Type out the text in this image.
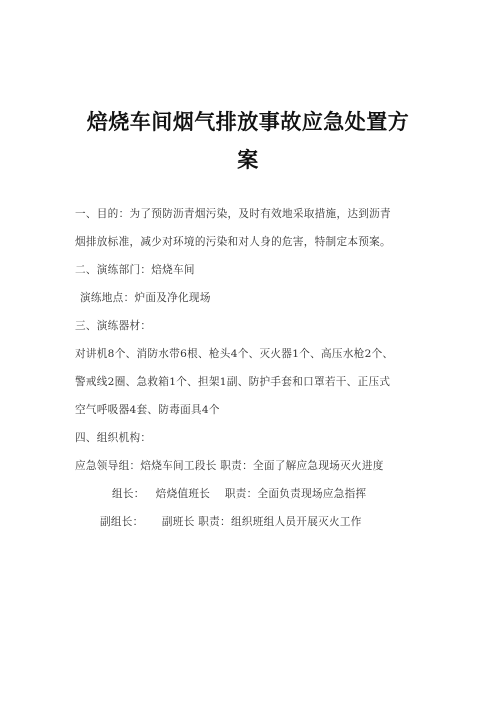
焙烧车间烟气排放事故应急处置方
案
一、目的：为了预防沥青烟污染，及时有效地采取措施，达到沥青
烟排放标准，减少对环境的污染和对人身的危害，特制定本预案。
二、演练部门：焙烧车间
演练地点：炉面及净化现场
三、演练器材：
对讲机8个、消防水带6根、枪头4个、灭火器1个、高压水枪2个、
警戒线2圈、急救箱1个、担架1副、防护手套和口罩若干、正压式
空气呼吸器4套、防毒面具4个
四、组织机构：
应急领导组：焙烧车间工段长 职责：全面了解应急现场灭火进度
组长：   焙烧值班长    职责：全面负责现场应急指挥
副组长：     副班长 职责：组织班组人员开展灭火工作
